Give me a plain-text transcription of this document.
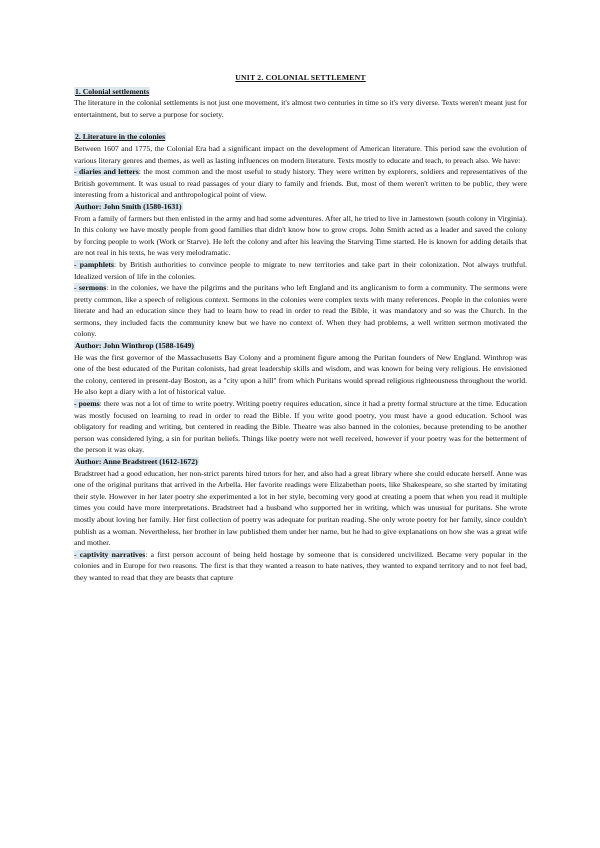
UNIT 2. COLONIAL SETTLEMENT
1. Colonial settlements

The literature in the colonial settlements is not just one movement, it's almost two centuries in time so it's very diverse. Texts weren't meant just for entertainment, but to serve a purpose for society.

2. Literature in the colonies

Between 1607 and 1775, the Colonial Era had a significant impact on the development of American literature. This period saw the evolution of various literary genres and themes, as well as lasting influences on modern literature. Texts mostly to educate and teach, to preach also. We have:

- diaries and letters: the most common and the most useful to study history. They were written by explorers, soldiers and representatives of the British government. It was usual to read passages of your diary to family and friends. But, most of them weren't written to be public, they were interesting from a historical and anthropological point of view.

Author: John Smith (1580-1631)

From a family of farmers but then enlisted in the army and had some adventures. After all, he tried to live in Jamestown (south colony in Virginia). In this colony we have mostly people from good families that didn't know how to grow crops. John Smith acted as a leader and saved the colony by forcing people to work (Work or Starve). He left the colony and after his leaving the Starving Time started. He is known for adding details that are not real in his texts, he was very melodramatic.

- pamphlets: by British authorities to convince people to migrate to new territories and take part in their colonization. Not always truthful. Idealized version of life in the colonies.

- sermons: in the colonies, we have the pilgrims and the puritans who left England and its anglicanism to form a community. The sermons were pretty common, like a speech of religious context. Sermons in the colonies were complex texts with many references. People in the colonies were literate and had an education since they had to learn how to read in order to read the Bible, it was mandatory and so was the Church. In the sermons, they included facts the community knew but we have no context of. When they had problems, a well written sermon motivated the colony.

Author: John Winthrop (1588-1649)

He was the first governor of the Massachusetts Bay Colony and a prominent figure among the Puritan founders of New England. Winthrop was one of the best educated of the Puritan colonists, had great leadership skills and wisdom, and was known for being very religious. He envisioned the colony, centered in present-day Boston, as a "city upon a hill" from which Puritans would spread religious righteousness throughout the world. He also kept a diary with a lot of historical value.

- poems: there was not a lot of time to write poetry. Writing poetry requires education, since it had a pretty formal structure at the time. Education was mostly focused on learning to read in order to read the Bible. If you write good poetry, you must have a good education. School was obligatory for reading and writing, but centered in reading the Bible. Theatre was also banned in the colonies, because pretending to be another person was considered lying, a sin for puritan beliefs. Things like poetry were not well received, however if your poetry was for the betterment of the person it was okay.

Author: Anne Bradstreet (1612-1672)

Bradstreet had a good education, her non-strict parents hired tutors for her, and also had a great library where she could educate herself. Anne was one of the original puritans that arrived in the Arbella. Her favorite readings were Elizabethan poets, like Shakespeare, so she started by imitating their style. However in her later poetry she experimented a lot in her style, becoming very good at creating a poem that when you read it multiple times you could have more interpretations. Bradstreet had a husband who supported her in writing, which was unusual for puritans. She wrote mostly about loving her family. Her first collection of poetry was adequate for puritan reading. She only wrote poetry for her family, since couldn't publish as a woman. Nevertheless, her brother in law published them under her name, but he had to give explanations on how she was a great wife and mother.

- captivity narratives: a first person account of being held hostage by someone that is considered uncivilized. Became very popular in the colonies and in Europe for two reasons. The first is that they wanted a reason to hate natives, they wanted to expand territory and to not feel bad, they wanted to read that they are beasts that capture
